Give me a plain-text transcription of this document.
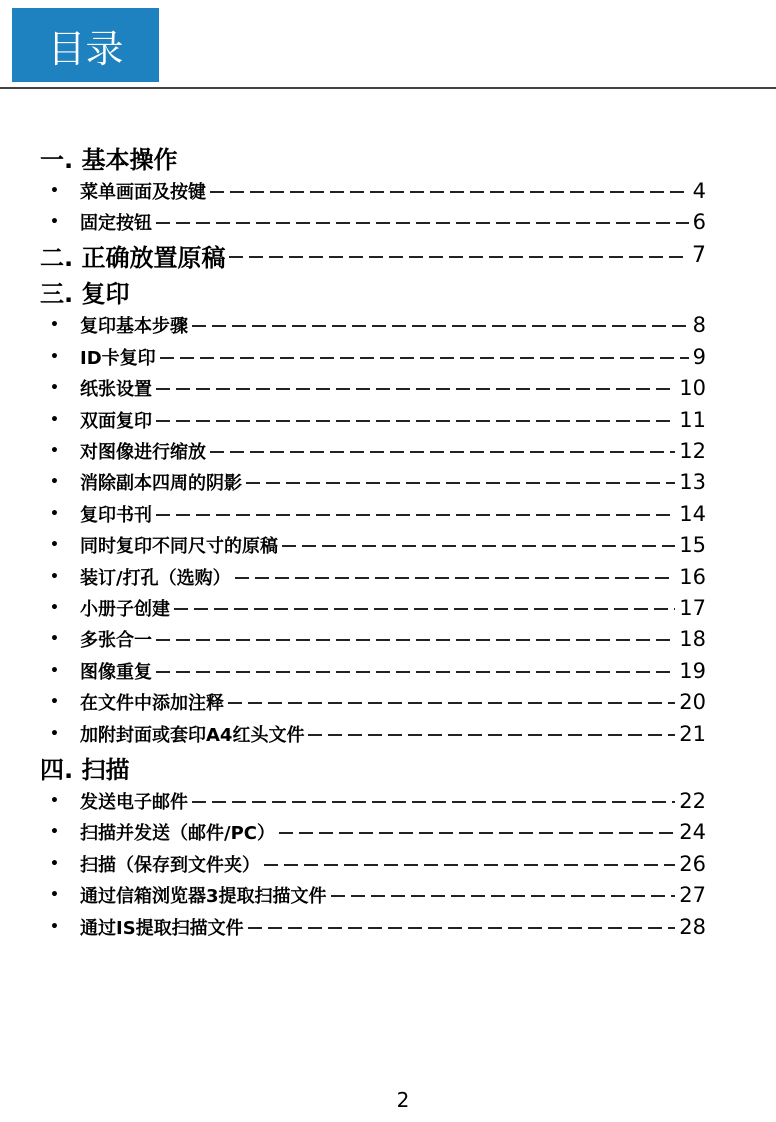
目录
一. 基本操作
•	菜单画面及按键	4
•	固定按钮	6
二. 正确放置原稿	7
三. 复印
•	复印基本步骤	8
•	ID卡复印	9
•	纸张设置	10
•	双面复印	11
•	对图像进行缩放	12
•	消除副本四周的阴影	13
•	复印书刊	14
•	同时复印不同尺寸的原稿	15
•	装订/打孔（选购）	16
•	小册子创建	17
•	多张合一	18
•	图像重复	19
•	在文件中添加注释	20
•	加附封面或套印A4红头文件	21
四. 扫描
•	发送电子邮件	22
•	扫描并发送（邮件/PC）	24
•	扫描（保存到文件夹）	26
•	通过信箱浏览器3提取扫描文件	27
•	通过IS提取扫描文件	28
2
